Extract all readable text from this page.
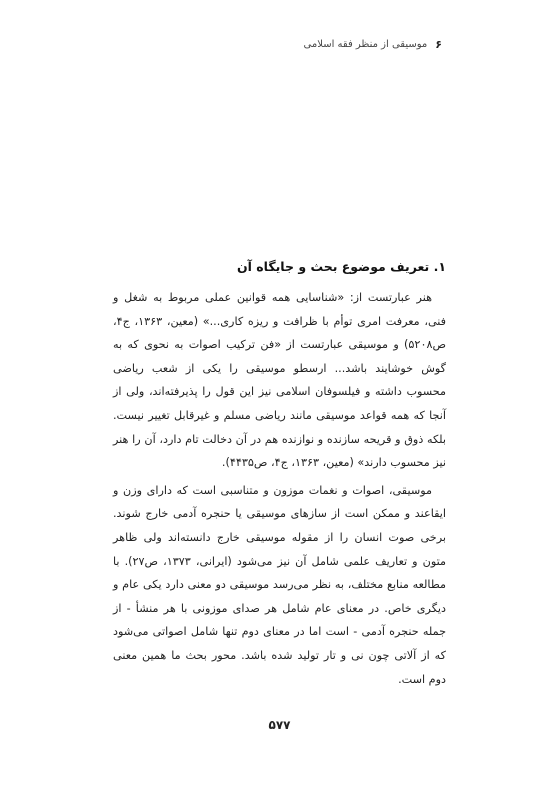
۶
موسیقی از منظر فقه اسلامی
۱. تعریف موضوع بحث و جایگاه آن

هنر عبارتست از: «شناسایی همه قوانین عملی مربوط به شغل و فنی، معرفت امری توأم با ظرافت و ریزه کاری...» (معین، ۱۳۶۳، ج۴، ص۵۲۰۸) و موسیقی عبارتست از «فن ترکیب اصوات به نحوی که به گوش خوشایند باشد... ارسطو موسیقی را یکی از شعب ریاضی محسوب داشته و فیلسوفان اسلامی نیز این قول را پذیرفته‌اند، ولی از آنجا که همه قواعد موسیقی مانند ریاضی مسلم و غیرقابل تغییر نیست. بلکه ذوق و قریحه سازنده و نوازنده هم در آن دخالت تام دارد، آن را هنر نیز محسوب دارند» (معین، ۱۳۶۳، ج۴، ص۴۴۳۵).

موسیقی، اصوات و نغمات موزون و متناسبی است که دارای وزن و ایقاعند و ممکن است از سازهای موسیقی یا حنجره آدمی خارج شوند. برخی صوت انسان را از مقوله موسیقی خارج دانسته‌اند ولی ظاهر متون و تعاریف علمی شامل آن نیز می‌شود (ایرانی، ۱۳۷۳، ص۲۷). با مطالعه منابع مختلف، به نظر می‌رسد موسیقی دو معنی دارد یکی عام و دیگری خاص. در معنای عام شامل هر صدای موزونی با هر منشأ - از جمله حنجره آدمی - است اما در معنای دوم تنها شامل اصواتی می‌شود که از آلاتی چون نی و تار تولید شده باشد. محور بحث ما همین معنی دوم است.

۵۷۷
